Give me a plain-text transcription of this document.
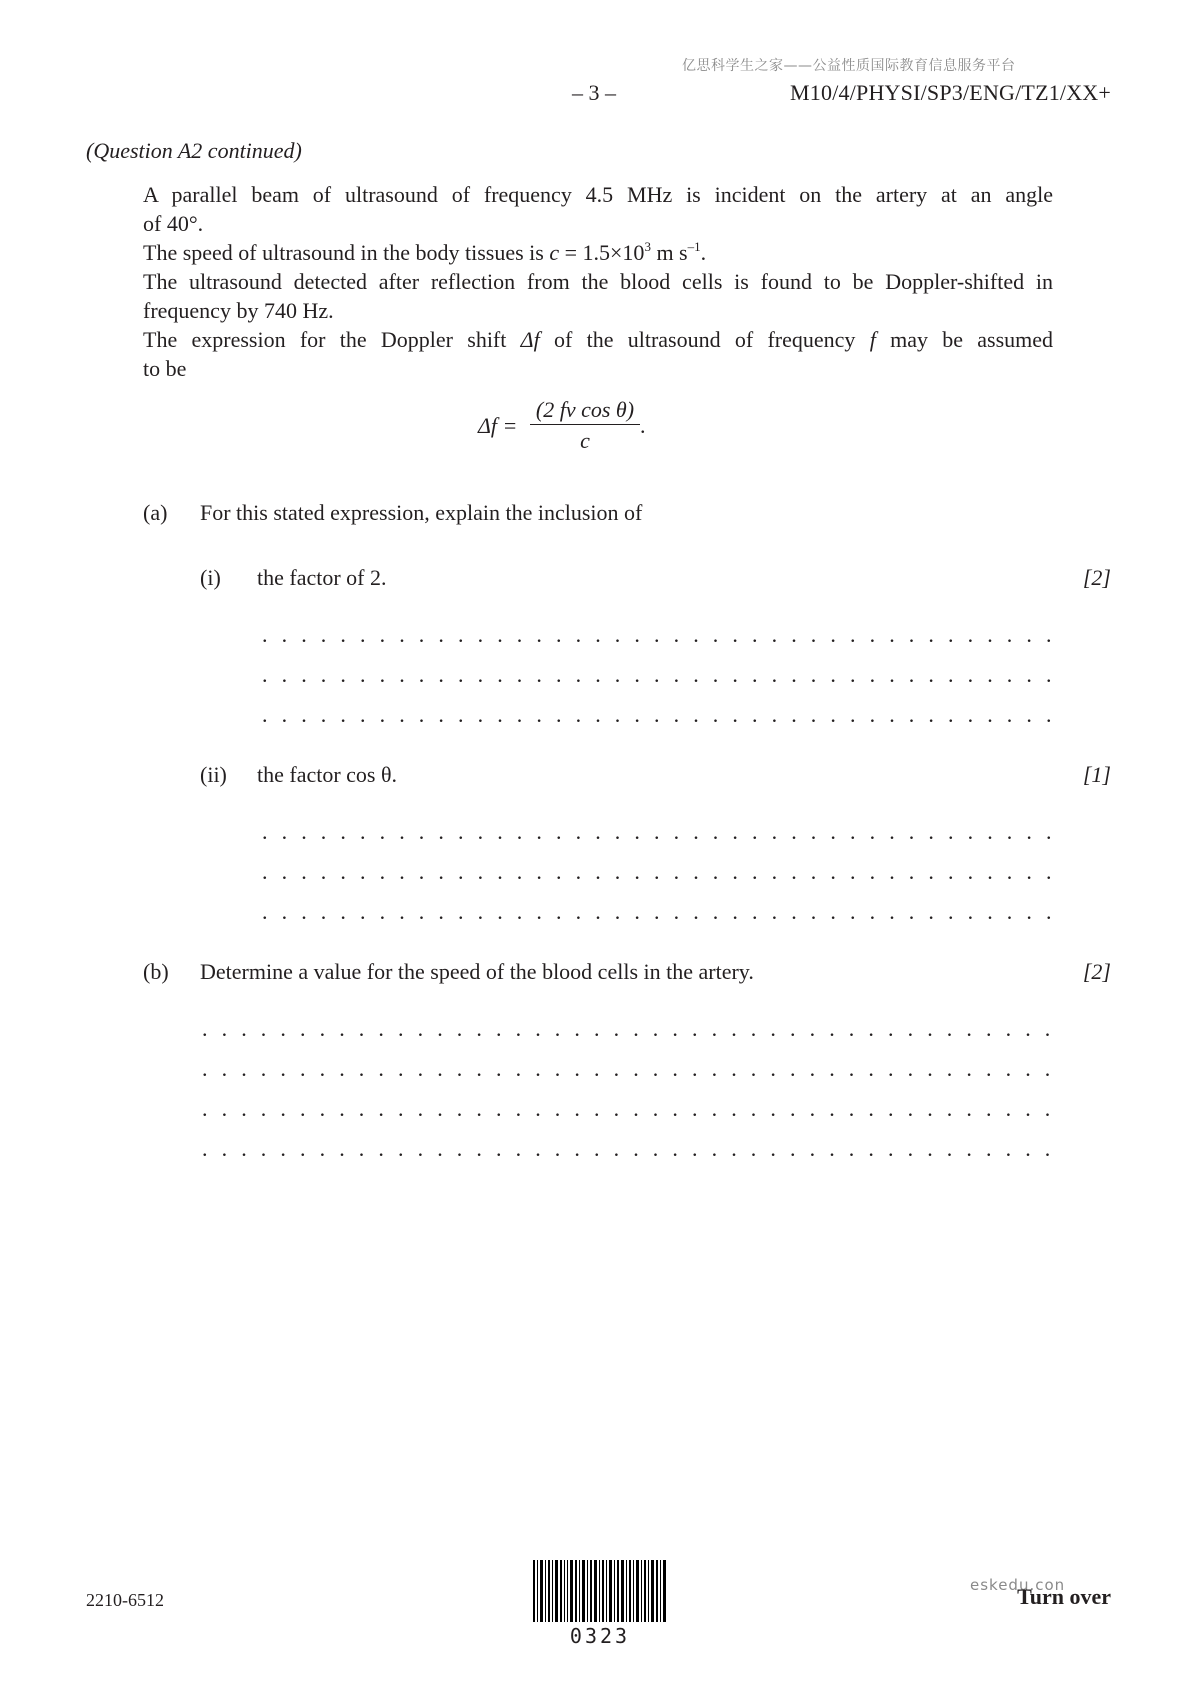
亿思科学生之家——公益性质国际教育信息服务平台
– 3 –	M10/4/PHYSI/SP3/ENG/TZ1/XX+
(Question A2 continued)
A parallel beam of ultrasound of frequency 4.5 MHz is incident on the artery at an angle
of 40°.
The speed of ultrasound in the body tissues is $c = 1.5\times 10^3$ m $s^{-1}$.
The ultrasound detected after reflection from the blood cells is found to be Doppler-shifted in frequency by 740 Hz.
The expression for the Doppler shift Δf of the ultrasound of frequency f may be assumed
to be
Δf =
(2 fv cos θ)
c
.
(a) For this stated expression, explain the inclusion of
(i) the factor of 2.	[2]
. . .
. . .
. . .
(ii) the factor cos θ.	[1]
. . .
. . .
. . .
(b) Determine a value for the speed of the blood cells in the artery.	[2]
. . .
. . .
. . .
. . .
2210-6512
0323
eskedu.con
Turn over
